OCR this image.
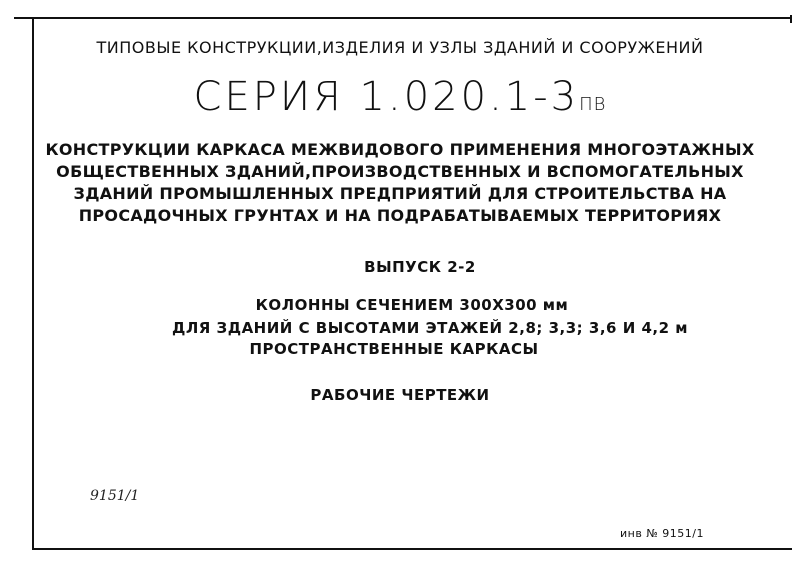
ТИПОВЫЕ КОНСТРУКЦИИ,ИЗДЕЛИЯ И УЗЛЫ ЗДАНИЙ И СООРУЖЕНИЙ
СЕРИЯ 1.020.1-3ПВ
КОНСТРУКЦИИ КАРКАСА МЕЖВИДОВОГО ПРИМЕНЕНИЯ МНОГОЭТАЖНЫХ
ОБЩЕСТВЕННЫХ ЗДАНИЙ,ПРОИЗВОДСТВЕННЫХ И ВСПОМОГАТЕЛЬНЫХ
ЗДАНИЙ ПРОМЫШЛЕННЫХ ПРЕДПРИЯТИЙ ДЛЯ СТРОИТЕЛЬСТВА НА
ПРОСАДОЧНЫХ ГРУНТАХ И НА ПОДРАБАТЫВАЕМЫХ ТЕРРИТОРИЯХ
ВЫПУСК 2-2
КОЛОННЫ СЕЧЕНИЕМ 300Х300 мм
ДЛЯ ЗДАНИЙ С ВЫСОТАМИ ЭТАЖЕЙ 2,8; 3,3; 3,6 И 4,2 м
ПРОСТРАНСТВЕННЫЕ КАРКАСЫ
РАБОЧИЕ ЧЕРТЕЖИ
9151/1
инв № 9151/1
